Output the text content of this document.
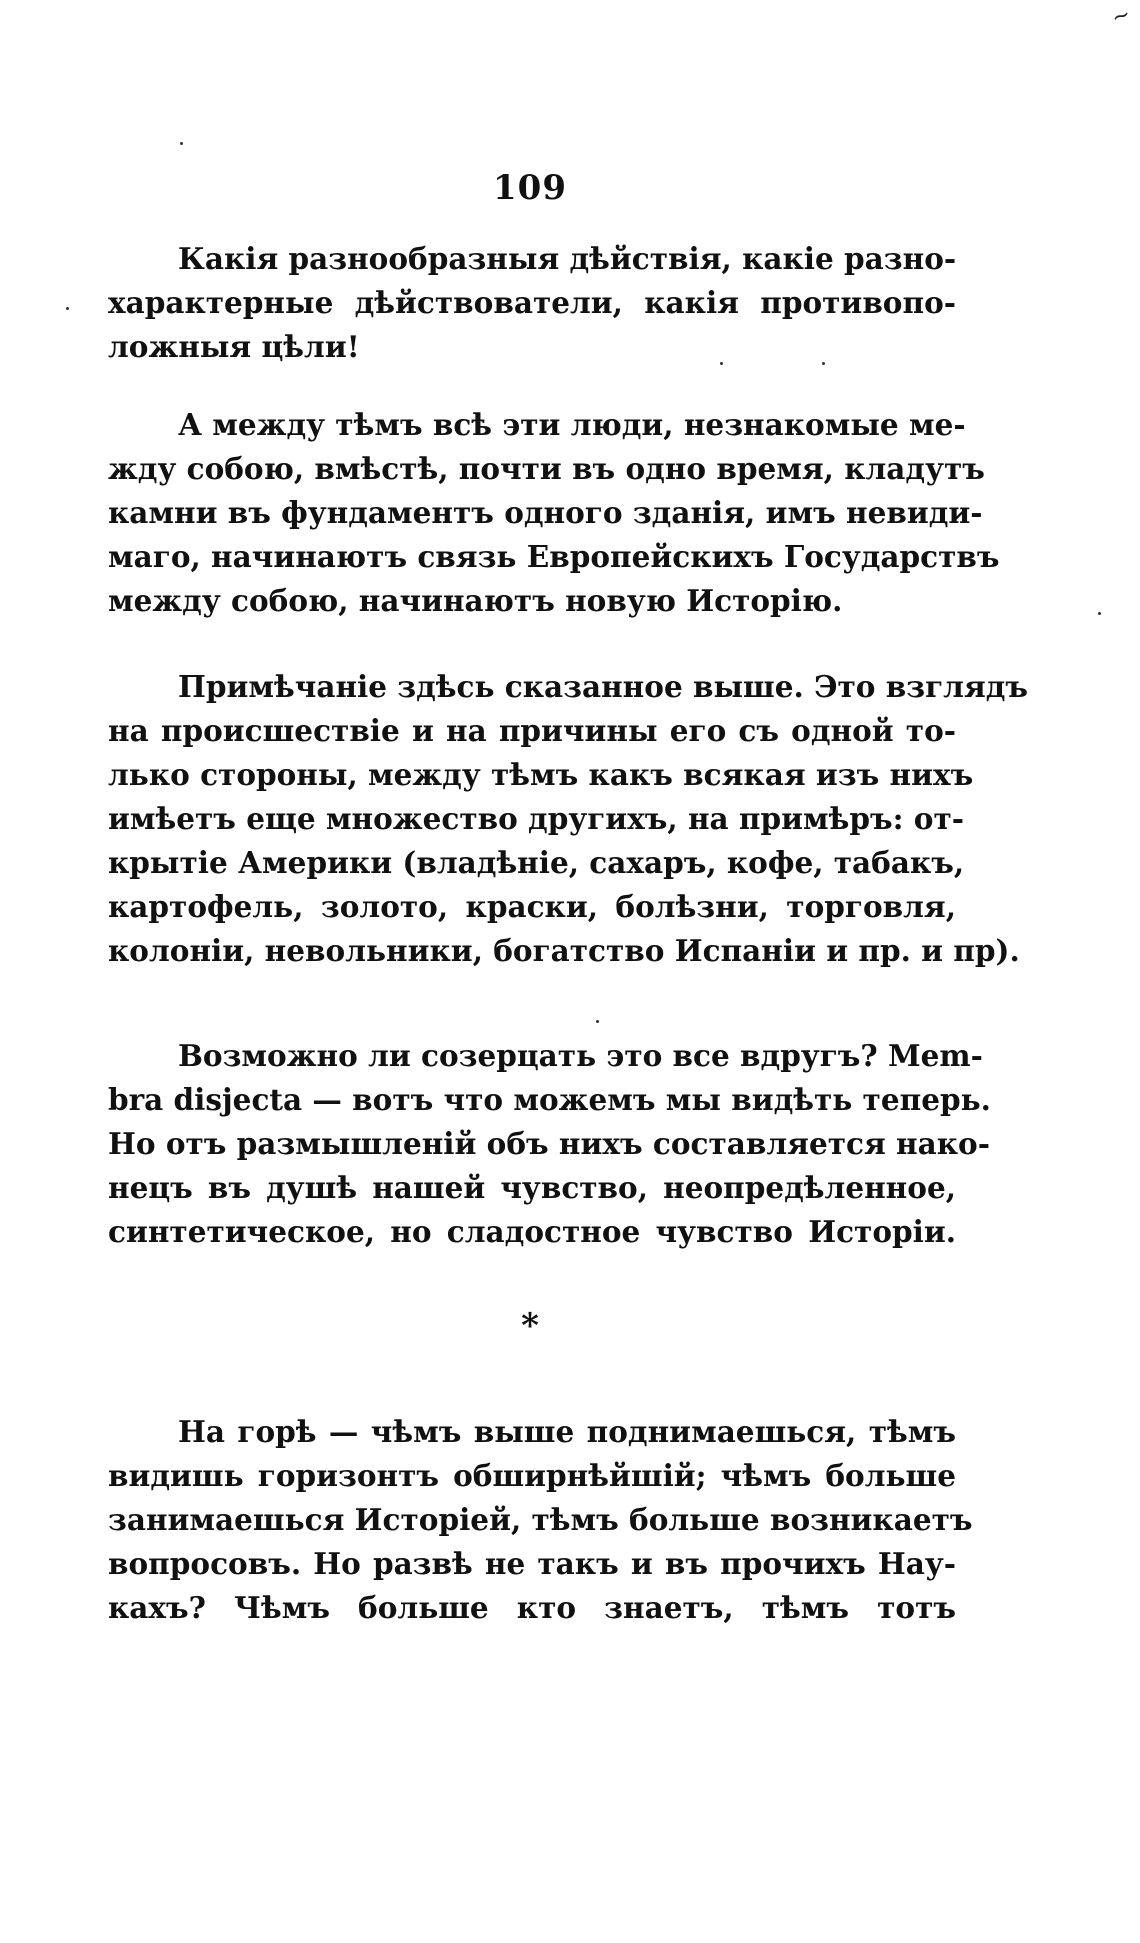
~
109
Какія разнообразныя дѣйствія, какіе разно-
характерные дѣйствователи, какія противопо-
ложныя цѣли!
А между тѣмъ всѣ эти люди, незнакомые ме-
жду собою, вмѣстѣ, почти въ одно время, кладутъ
камни въ фундаментъ одного зданія, имъ невиди-
маго, начинаютъ связь Европейскихъ Государствъ
между собою, начинаютъ новую Исторію.
Примѣчаніе здѣсь сказанное выше. Это взглядъ
на происшествіе и на причины его съ одной то-
лько стороны, между тѣмъ какъ всякая изъ нихъ
имѣетъ еще множество другихъ, на примѣръ: от-
крытіе Америки (владѣніе, сахаръ, кофе, табакъ,
картофель, золото, краски, болѣзни, торговля,
колоніи, невольники, богатство Испаніи и пр. и пр).
Возможно ли созерцать это все вдругъ? Mem-
bra disjecta — вотъ что можемъ мы видѣть теперь.
Но отъ размышленій объ нихъ составляется нако-
нецъ въ душѣ нашей чувство, неопредѣленное,
синтетическое, но сладостное чувство Исторіи.
*
На горѣ — чѣмъ выше поднимаешься, тѣмъ
видишь горизонтъ обширнѣйшій; чѣмъ больше
занимаешься Исторіей, тѣмъ больше возникаетъ
вопросовъ. Но развѣ не такъ и въ прочихъ Нау-
кахъ? Чѣмъ больше кто знаетъ, тѣмъ тотъ
